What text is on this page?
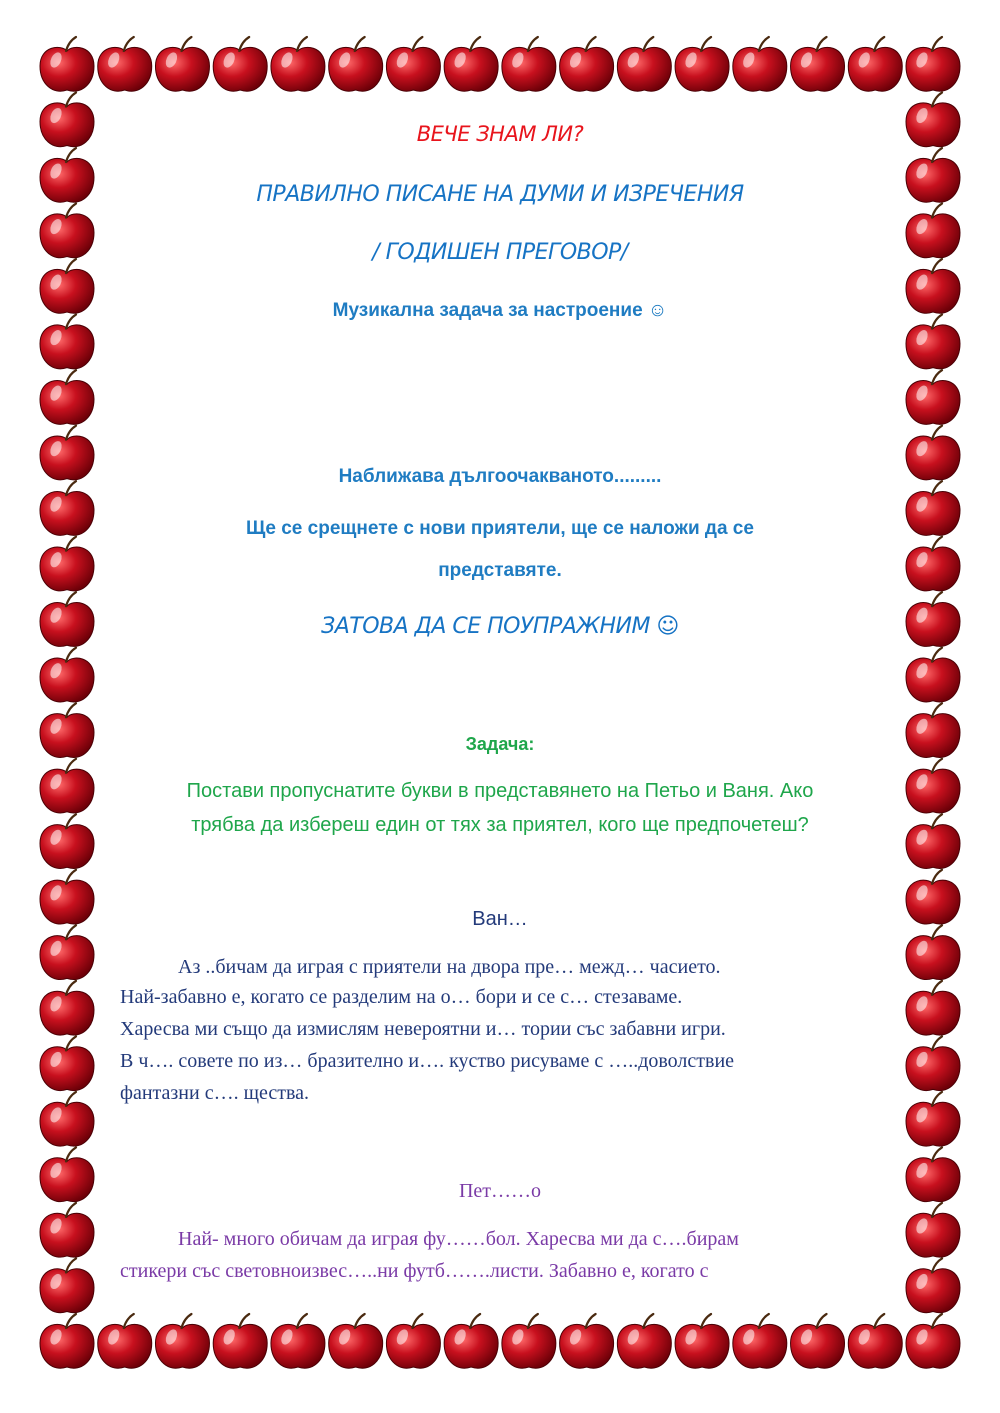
ВЕЧЕ ЗНАМ ЛИ?
ПРАВИЛНО ПИСАНЕ НА ДУМИ И ИЗРЕЧЕНИЯ
/ ГОДИШЕН ПРЕГОВОР/
Музикална задача за настроение ☺
Наближава дългоочакваното.........
Ще се срещнете с нови приятели, ще се наложи да се
представяте.
ЗАТОВА ДА СЕ ПОУПРАЖНИМ ☺
Задача:
Постави пропуснатите букви в представянето на Петьо и Ваня. Ако
трябва да избереш един от тях за приятел, кого ще предпочетеш?
Ван…
Аз ..бичам да играя с приятели на двора пре… межд… часиeто.
Най-забавно е, когато се разделим на о… бори и се с… стезаваме.
Харесва ми също да измислям невероятни и… тории със забавни игри.
В ч…. совете по из… бразително и…. куство рисуваме с …..доволствие
фантазни с…. щества.
Пет……о
Най- много обичам да играя фу……бол. Харесва ми да с….бирам
стикери със световноизвес…..ни футб…….листи. Забавно е, когато с
